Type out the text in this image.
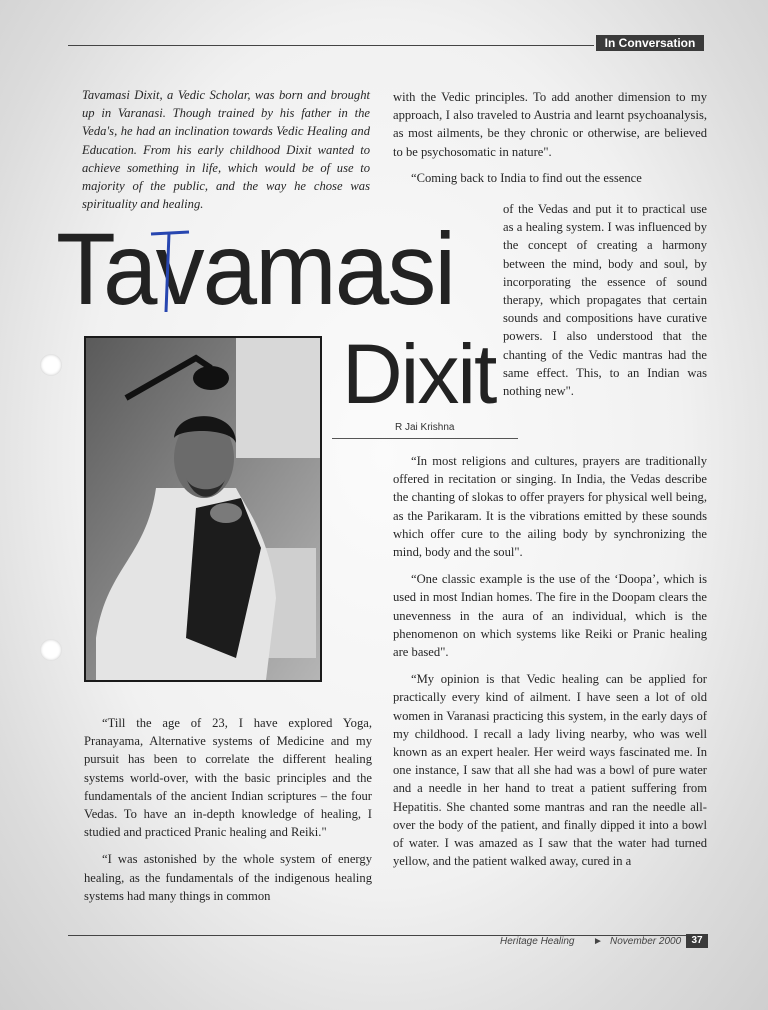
In Conversation
Tavamasi Dixit, a Vedic Scholar, was born and brought up in Varanasi. Though trained by his father in the Veda's, he had an inclination towards Vedic Healing and Education. From his early childhood Dixit wanted to achieve something in life, which would be of use to majority of the public, and the way he chose was spirituality and healing.

with the Vedic principles. To add another dimension to my approach, I also traveled to Austria and learnt psychoanalysis, as most ailments, be they chronic or otherwise, are believed to be psychosomatic in nature".

“Coming back to India to find out the essence

of the Vedas and put it to practical use as a healing system. I was influenced by the concept of creating a harmony between the mind, body and soul, by incorporating the essence of sound therapy, which propagates that certain sounds and compositions have curative powers. I also understood that the chanting of the Vedic mantras had the same effect. This, to an Indian was nothing new".
Tavamasi
Dixit
R Jai Krishna

“In most religions and cultures, prayers are traditionally offered in recitation or singing. In India, the Vedas describe the chanting of slokas to offer prayers for physical well being, as the Parikaram. It is the vibrations emitted by these sounds which offer cure to the ailing body by synchronizing the mind, body and the soul".

“One classic example is the use of the ‘Doopa’, which is used in most Indian homes. The fire in the Doopam clears the unevenness in the aura of an individual, which is the phenomenon on which systems like Reiki or Pranic healing are based".

“My opinion is that Vedic healing can be applied for practically every kind of ailment. I have seen a lot of old women in Varanasi practicing this system, in the early days of my childhood. I recall a lady living nearby, who was well known as an expert healer. Her weird ways fascinated me. In one instance, I saw that all she had was a bowl of pure water and a needle in her hand to treat a patient suffering from Hepatitis. She chanted some mantras and ran the needle all-over the body of the patient, and finally dipped it into a bowl of water. I was amazed as I saw that the water had turned yellow, and the patient walked away, cured in a

“Till the age of 23, I have explored Yoga, Pranayama, Alternative systems of Medicine and my pursuit has been to correlate the different healing systems world-over, with the basic principles and the fundamentals of the ancient Indian scriptures – the four Vedas. To have an in-depth knowledge of healing, I studied and practiced Pranic healing and Reiki."

“I was astonished by the whole system of energy healing, as the fundamentals of the indigenous healing systems had many things in common

Heritage Healing ► November 2000	37
